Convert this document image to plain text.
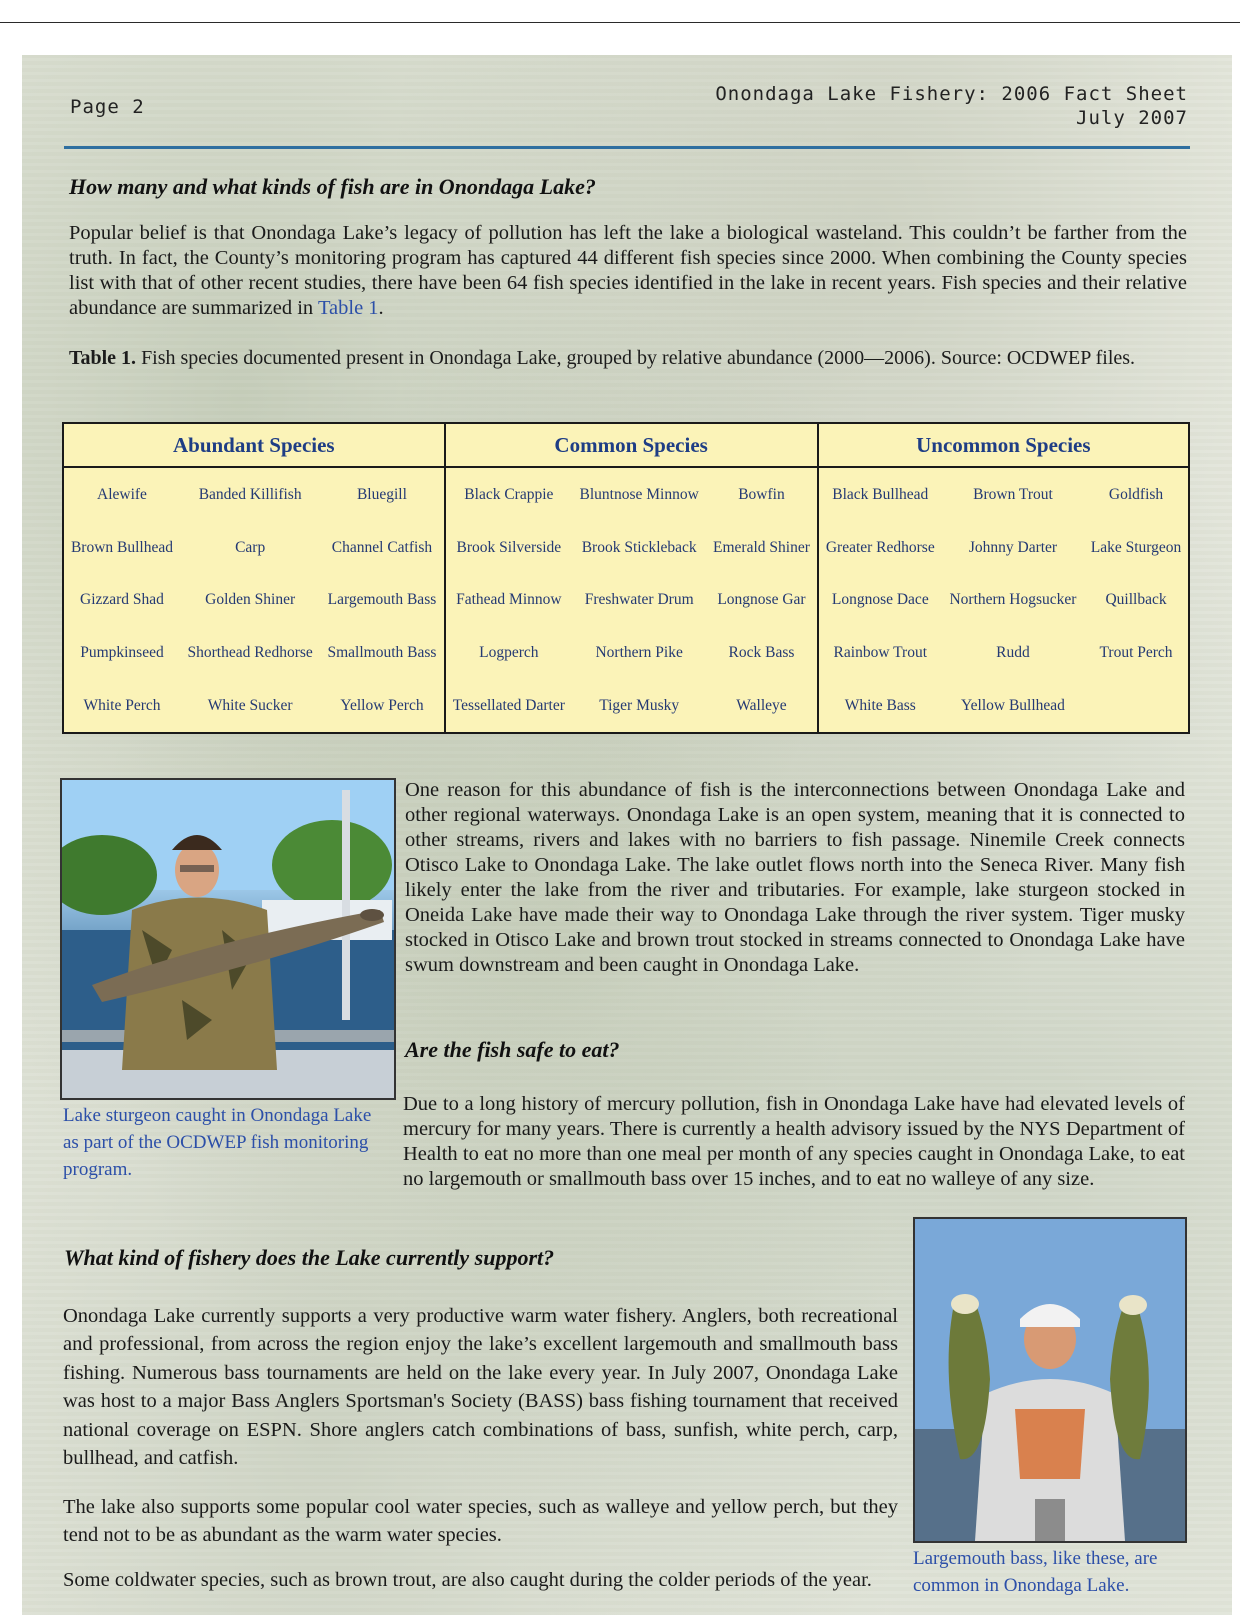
Page 2
Onondaga Lake Fishery: 2006 Fact Sheet
July 2007
How many and what kinds of fish are in Onondaga Lake?

Popular belief is that Onondaga Lake’s legacy of pollution has left the lake a biological wasteland. This couldn’t be farther from the truth. In fact, the County’s monitoring program has captured 44 different fish species since 2000. When combining the County species list with that of other recent studies, there have been 64 fish species identified in the lake in recent years. Fish species and their relative abundance are summarized in Table 1.

Table 1. Fish species documented present in Onondaga Lake, grouped by relative abundance (2000—2006). Source: OCDWEP files.
Abundant Species			Common Species			Uncommon Species		
Alewife	Banded Killifish	Bluegill	Black Crappie	Bluntnose Minnow	Bowfin	Black Bullhead	Brown Trout	Goldfish
Brown Bullhead	Carp	Channel Catfish	Brook Silverside	Brook Stickleback	Emerald Shiner	Greater Redhorse	Johnny Darter	Lake Sturgeon
Gizzard Shad	Golden Shiner	Largemouth Bass	Fathead Minnow	Freshwater Drum	Longnose Gar	Longnose Dace	Northern Hogsucker	Quillback
Pumpkinseed	Shorthead Redhorse	Smallmouth Bass	Logperch	Northern Pike	Rock Bass	Rainbow Trout	Rudd	Trout Perch
White Perch	White Sucker	Yellow Perch	Tessellated Darter	Tiger Musky	Walleye	White Bass	Yellow Bullhead	
Lake sturgeon caught in Onondaga Lake as part of the OCDWEP fish monitoring program.

One reason for this abundance of fish is the interconnections between Onondaga Lake and other regional waterways. Onondaga Lake is an open system, meaning that it is connected to other streams, rivers and lakes with no barriers to fish passage. Ninemile Creek connects Otisco Lake to Onondaga Lake. The lake outlet flows north into the Seneca River. Many fish likely enter the lake from the river and tributaries. For example, lake sturgeon stocked in Oneida Lake have made their way to Onondaga Lake through the river system. Tiger musky stocked in Otisco Lake and brown trout stocked in streams connected to Onondaga Lake have swum downstream and been caught in Onondaga Lake.

Are the fish safe to eat?

Due to a long history of mercury pollution, fish in Onondaga Lake have had elevated levels of mercury for many years. There is currently a health advisory issued by the NYS Department of Health to eat no more than one meal per month of any species caught in Onondaga Lake, to eat no largemouth or smallmouth bass over 15 inches, and to eat no walleye of any size.

What kind of fishery does the Lake currently support?

Onondaga Lake currently supports a very productive warm water fishery. Anglers, both recreational and professional, from across the region enjoy the lake’s excellent largemouth and smallmouth bass fishing. Numerous bass tournaments are held on the lake every year. In July 2007, Onondaga Lake was host to a major Bass Anglers Sportsman's Society (BASS) bass fishing tournament that received national coverage on ESPN. Shore anglers catch combinations of bass, sunfish, white perch, carp, bullhead, and catfish.

The lake also supports some popular cool water species, such as walleye and yellow perch, but they tend not to be as abundant as the warm water species.

Some coldwater species, such as brown trout, are also caught during the colder periods of the year.

Largemouth bass, like these, are common in Onondaga Lake.
